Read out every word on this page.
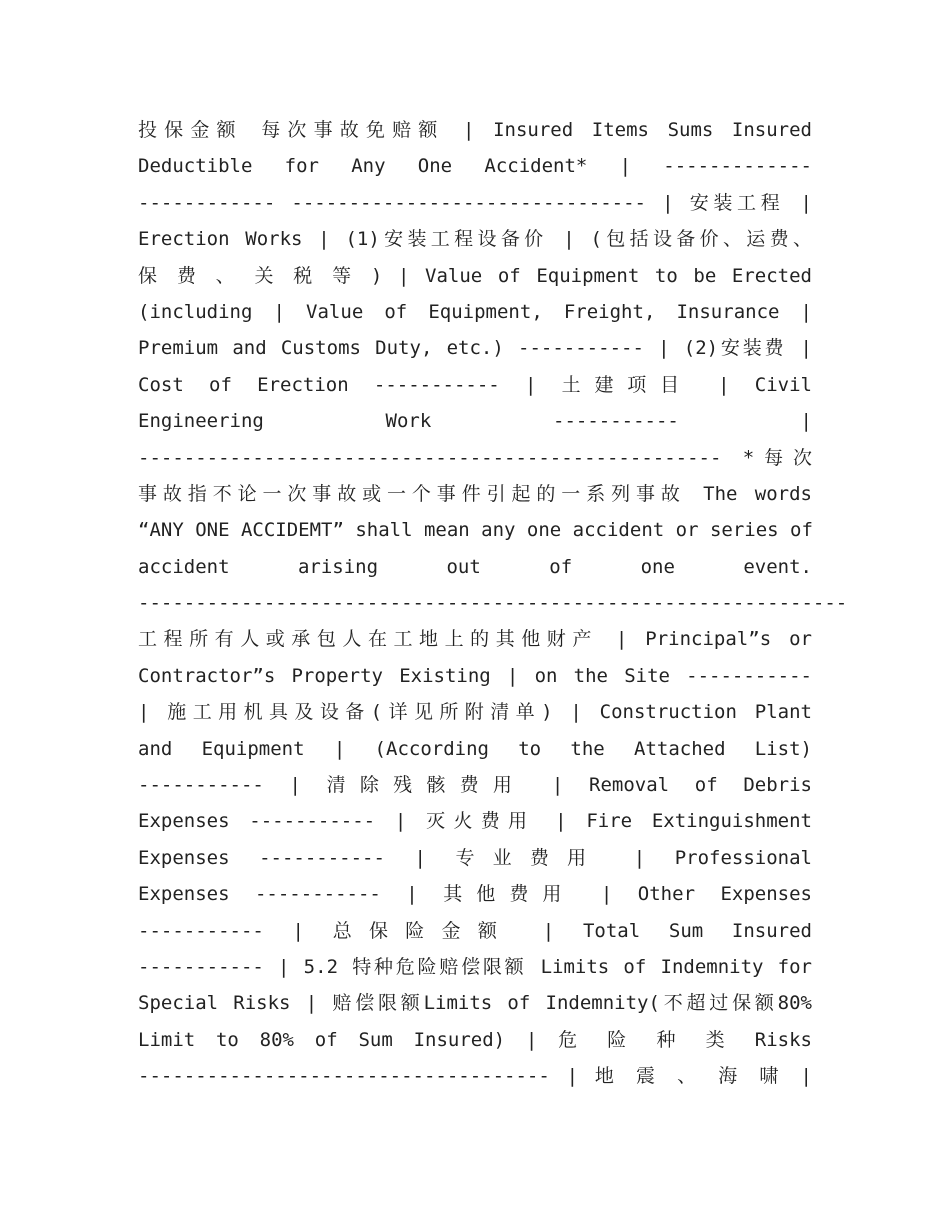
投保金额 每次事故免赔额 | Insured Items Sums Insured
Deductible for Any One Accident* | -------------
------------ ------------------------------- | 安装工程 |
Erection Works | (1)安装工程设备价 | (包括设备价、运费、
保 费 、 关 税 等 ) | Value of Equipment to be Erected
(including | Value of Equipment, Freight, Insurance |
Premium and Customs Duty, etc.) ----------- | (2)安装费 |
Cost of Erection ----------- | 土建项目 | Civil
Engineering Work ----------- |
--------------------------------------------------- *每次
事故指不论一次事故或一个事件引起的一系列事故 The words
“ANY ONE ACCIDEMT” shall mean any one accident or series of
accident arising out of one event.
--------------------------------------------------------------
工程所有人或承包人在工地上的其他财产 | Principal”s or
Contractor”s Property Existing | on the Site -----------
| 施工用机具及设备(详见所附清单) | Construction Plant
and Equipment | (According to the Attached List)
----------- | 清除残骸费用 | Removal of Debris
Expenses ----------- | 灭火费用 | Fire Extinguishment
Expenses ----------- | 专业费用 | Professional
Expenses ----------- | 其他费用 | Other Expenses
----------- | 总保险金额 | Total Sum Insured
----------- | 5.2 特种危险赔偿限额 Limits of Indemnity for
Special Risks | 赔偿限额Limits of Indemnity(不超过保额80%
Limit to 80% of Sum Insured) | 危 险 种 类 Risks
------------------------------------ | 地 震 、 海 啸 |
